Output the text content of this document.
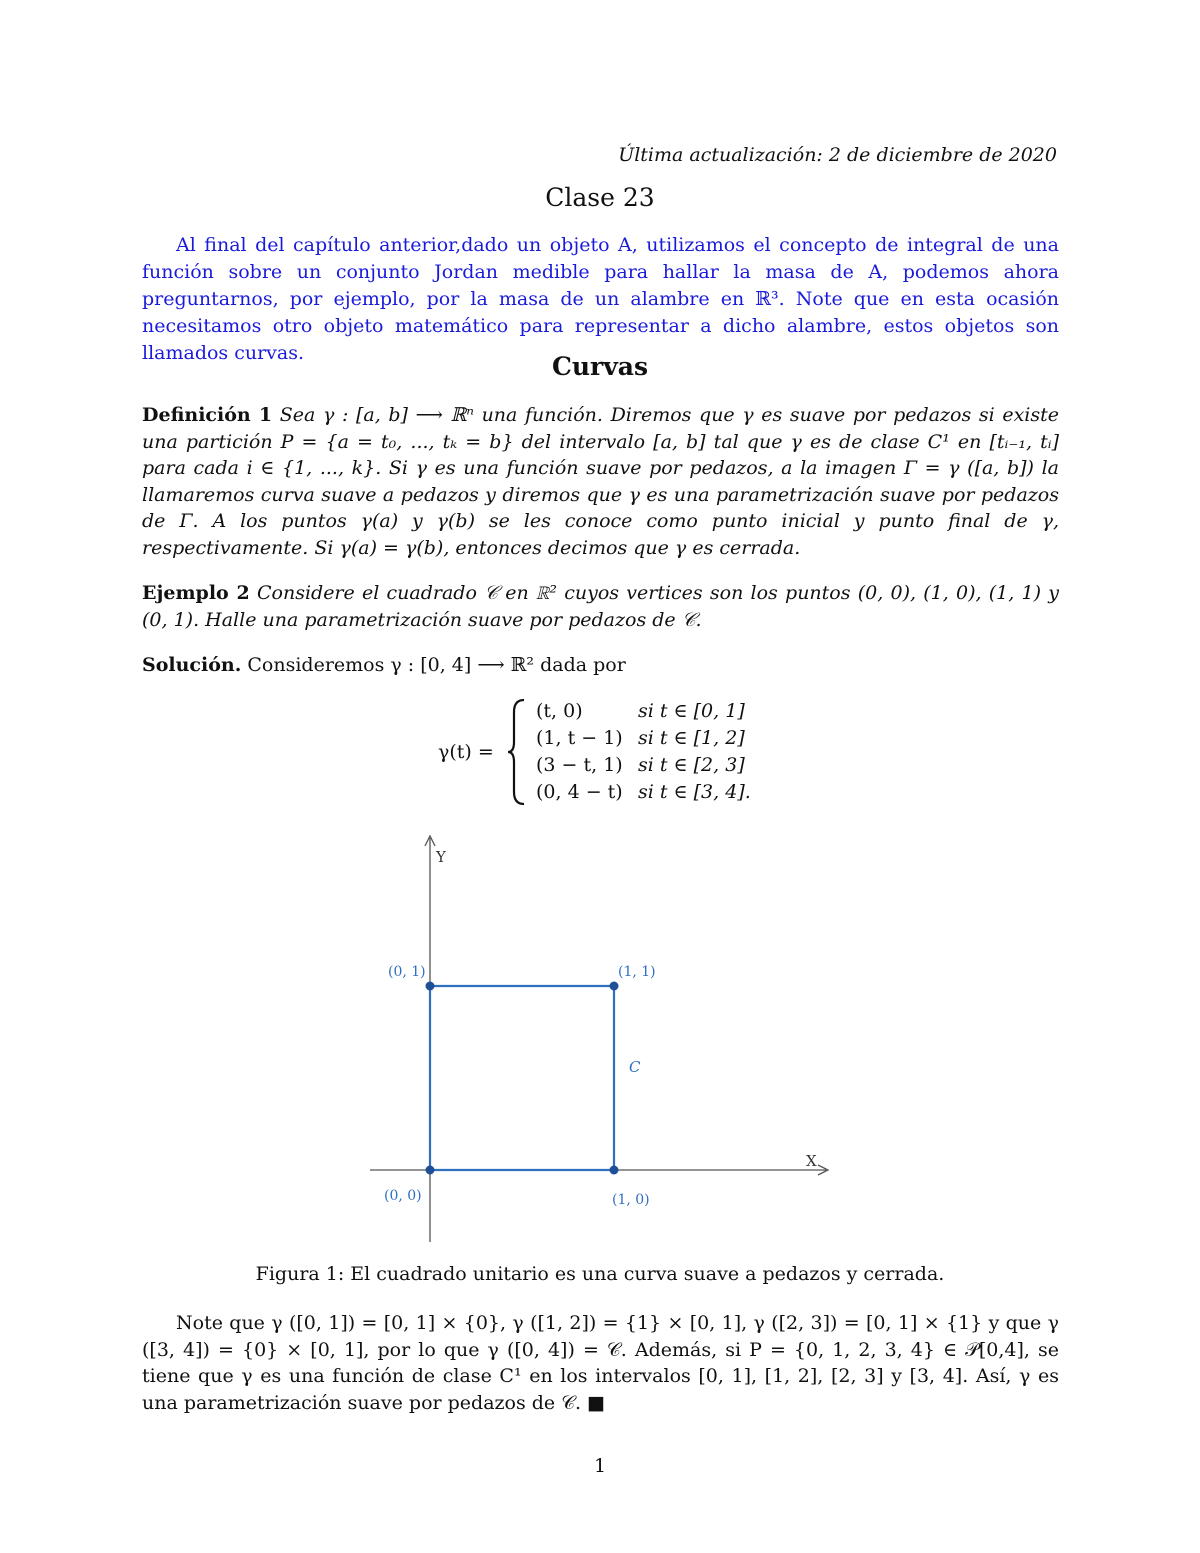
Última actualización: 2 de diciembre de 2020
Clase 23
Al final del capítulo anterior,dado un objeto A, utilizamos el concepto de integral de una función sobre un conjunto Jordan medible para hallar la masa de A, podemos ahora preguntarnos, por ejemplo, por la masa de un alambre en ℝ³. Note que en esta ocasión necesitamos otro objeto matemático para representar a dicho alambre, estos objetos son llamados curvas.	Curvas
Definición 1 Sea γ : [a, b] ⟶ ℝⁿ una función. Diremos que γ es suave por pedazos si existe una partición P = {a = t₀, ..., tₖ = b} del intervalo [a, b] tal que γ es de clase C¹ en [tᵢ₋₁, tᵢ] para cada i ∈ {1, ..., k}. Si γ es una función suave por pedazos, a la imagen Γ = γ ([a, b]) la llamaremos curva suave a pedazos y diremos que γ es una parametrización suave por pedazos de Γ. A los puntos γ(a) y γ(b) se les conoce como punto inicial y punto final de γ, respectivamente. Si γ(a) = γ(b), entonces decimos que γ es cerrada.
Ejemplo 2 Considere el cuadrado 𝒞 en ℝ² cuyos vertices son los puntos (0, 0), (1, 0), (1, 1) y (0, 1). Halle una parametrización suave por pedazos de 𝒞.
Solución. Consideremos γ : [0, 4] ⟶ ℝ² dada por
γ(t) =
(t, 0)	si t ∈ [0, 1]
(1, t − 1) si t ∈ [1, 2]
(3 − t, 1) si t ∈ [2, 3]
(0, 4 − t) si t ∈ [3, 4].
Y
X
C
(0, 0)	(1, 0)
(1, 1)
(0, 1)
Figura 1: El cuadrado unitario es una curva suave a pedazos y cerrada.
Note que γ ([0, 1]) = [0, 1] × {0}, γ ([1, 2]) = {1} × [0, 1], γ ([2, 3]) = [0, 1] × {1} y que γ ([3, 4]) = {0} × [0, 1], por lo que γ ([0, 4]) = 𝒞. Además, si P = {0, 1, 2, 3, 4} ∈ 𝒫[0,4], se tiene que γ es una función de clase C¹ en los intervalos [0, 1], [1, 2], [2, 3] y [3, 4]. Así, γ es una parametrización suave por pedazos de 𝒞. ■
1
